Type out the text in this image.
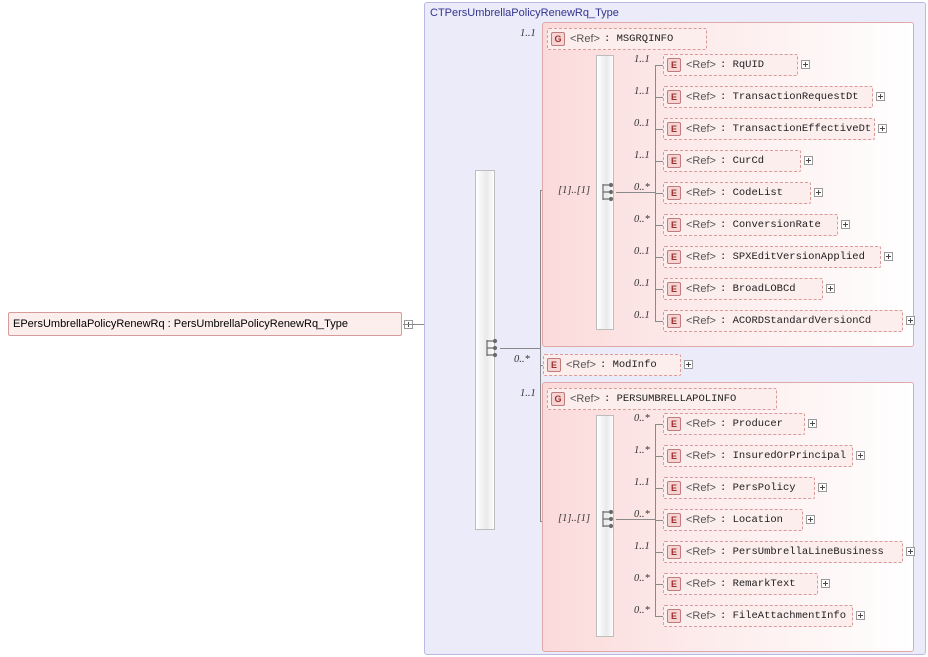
E PersUmbrellaPolicyRenewRq : PersUmbrellaPolicyRenewRq_Type
CT PersUmbrellaPolicyRenewRq_Type
G <Ref> : MSGRQINFO
1..1
[1]..[1]
E <Ref> : RqUID
1..1
E <Ref> : TransactionRequestDt
1..1
E <Ref> : TransactionEffectiveDt
0..1
E <Ref> : CurCd
1..1
E <Ref> : CodeList
0..*
E <Ref> : ConversionRate
0..*
E <Ref> : SPXEditVersionApplied
0..1
E <Ref> : BroadLOBCd
0..1
E <Ref> : ACORDStandardVersionCd
0..1
E <Ref> : ModInfo
0..*
G <Ref> : PERSUMBRELLAPOLINFO
1..1
[1]..[1]
E <Ref> : Producer
0..*
E <Ref> : InsuredOrPrincipal
1..*
E <Ref> : PersPolicy
1..1
E <Ref> : Location
0..*
E <Ref> : PersUmbrellaLineBusiness
1..1
E <Ref> : RemarkText
0..*
E <Ref> : FileAttachmentInfo
0..*
